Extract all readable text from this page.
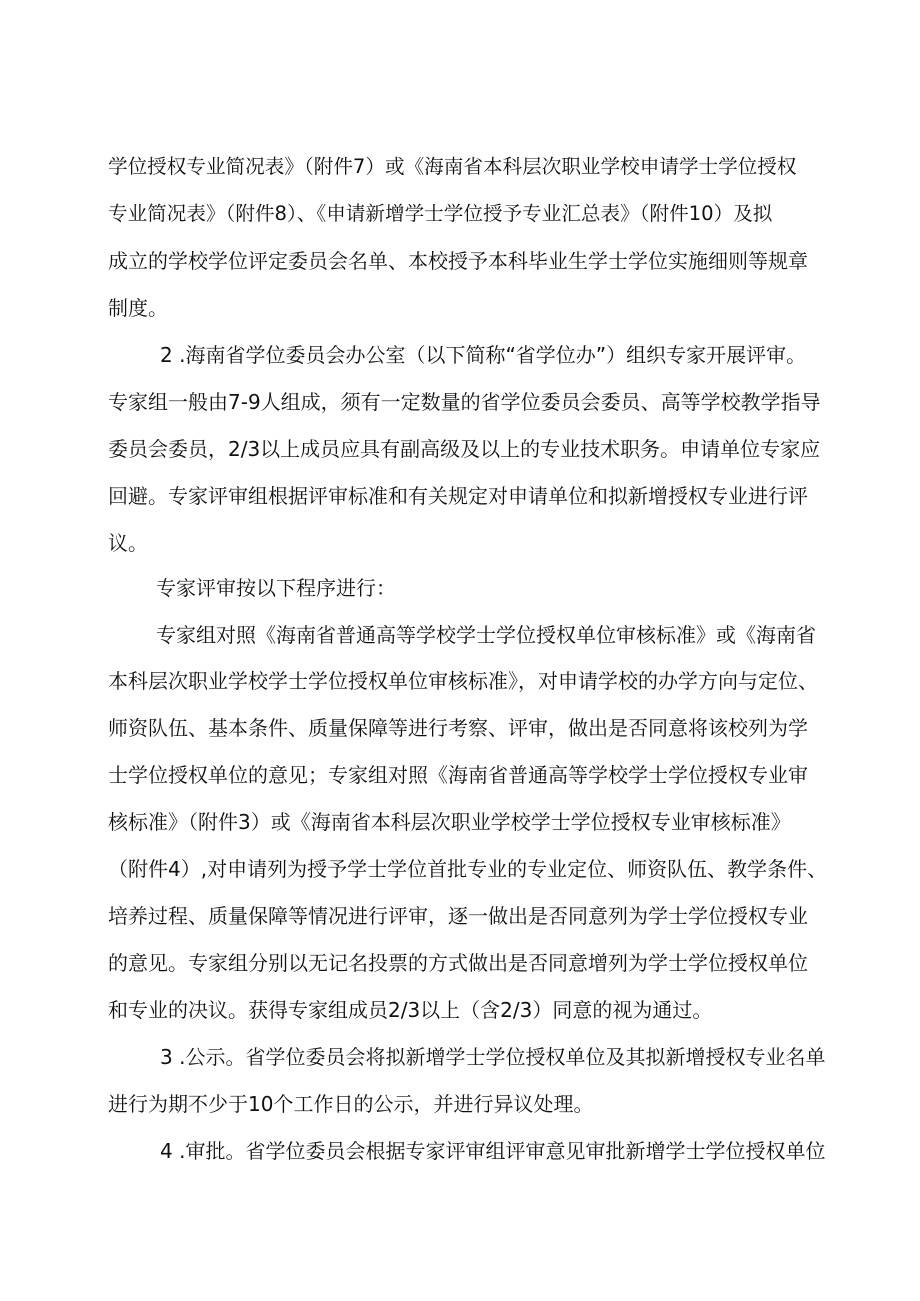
学位授权专业简况表》（附件7）或《海南省本科层次职业学校申请学士学位授权
专业简况表》（附件8）、《申请新增学士学位授予专业汇总表》（附件10）及拟
成立的学校学位评定委员会名单、本校授予本科毕业生学士学位实施细则等规章
制度。
2 .海南省学位委员会办公室（以下简称“省学位办”）组织专家开展评审。
专家组一般由7-9人组成，须有一定数量的省学位委员会委员、高等学校教学指导
委员会委员，2/3以上成员应具有副高级及以上的专业技术职务。申请单位专家应
回避。专家评审组根据评审标准和有关规定对申请单位和拟新增授权专业进行评
议。
专家评审按以下程序进行：
专家组对照《海南省普通高等学校学士学位授权单位审核标准》或《海南省
本科层次职业学校学士学位授权单位审核标准》，对申请学校的办学方向与定位、
师资队伍、基本条件、质量保障等进行考察、评审，做出是否同意将该校列为学
士学位授权单位的意见；专家组对照《海南省普通高等学校学士学位授权专业审
核标准》（附件3）或《海南省本科层次职业学校学士学位授权专业审核标准》
（附件4）,对申请列为授予学士学位首批专业的专业定位、师资队伍、教学条件、
培养过程、质量保障等情况进行评审，逐一做出是否同意列为学士学位授权专业
的意见。专家组分别以无记名投票的方式做出是否同意增列为学士学位授权单位
和专业的决议。获得专家组成员2/3以上（含2/3）同意的视为通过。
3 .公示。省学位委员会将拟新增学士学位授权单位及其拟新增授权专业名单
进行为期不少于10个工作日的公示，并进行异议处理。
4 .审批。省学位委员会根据专家评审组评审意见审批新增学士学位授权单位
